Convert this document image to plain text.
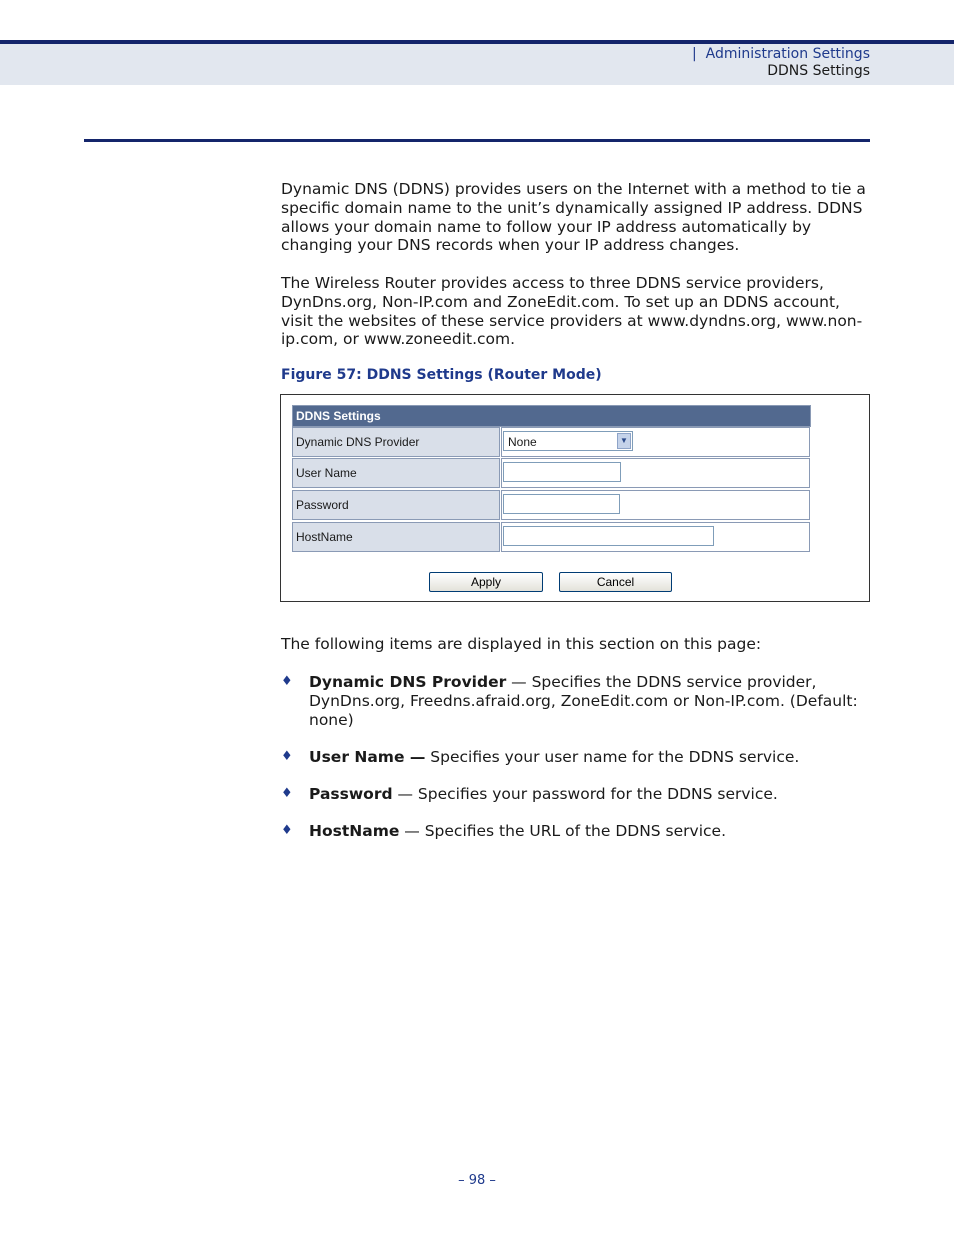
| Administration Settings
DDNS Settings

Dynamic DNS (DDNS) provides users on the Internet with a method to tie a specific domain name to the unit’s dynamically assigned IP address. DDNS allows your domain name to follow your IP address automatically by changing your DNS records when your IP address changes.

The Wireless Router provides access to three DDNS service providers, DynDns.org, Non-IP.com and ZoneEdit.com. To set up an DDNS account, visit the websites of these service providers at www.dyndns.org, www.non-ip.com, or www.zoneedit.com.

Figure 57: DDNS Settings (Router Mode)

DDNS Settings
Dynamic DNS Provider	None	▼
User Name
Password
HostName
Apply	Cancel

The following items are displayed in this section on this page:

♦ Dynamic DNS Provider — Specifies the DDNS service provider, DynDns.org, Freedns.afraid.org, ZoneEdit.com or Non-IP.com. (Default: none)
♦ User Name — Specifies your user name for the DDNS service.
♦ Password — Specifies your password for the DDNS service.
♦ HostName — Specifies the URL of the DDNS service.
– 98 –
